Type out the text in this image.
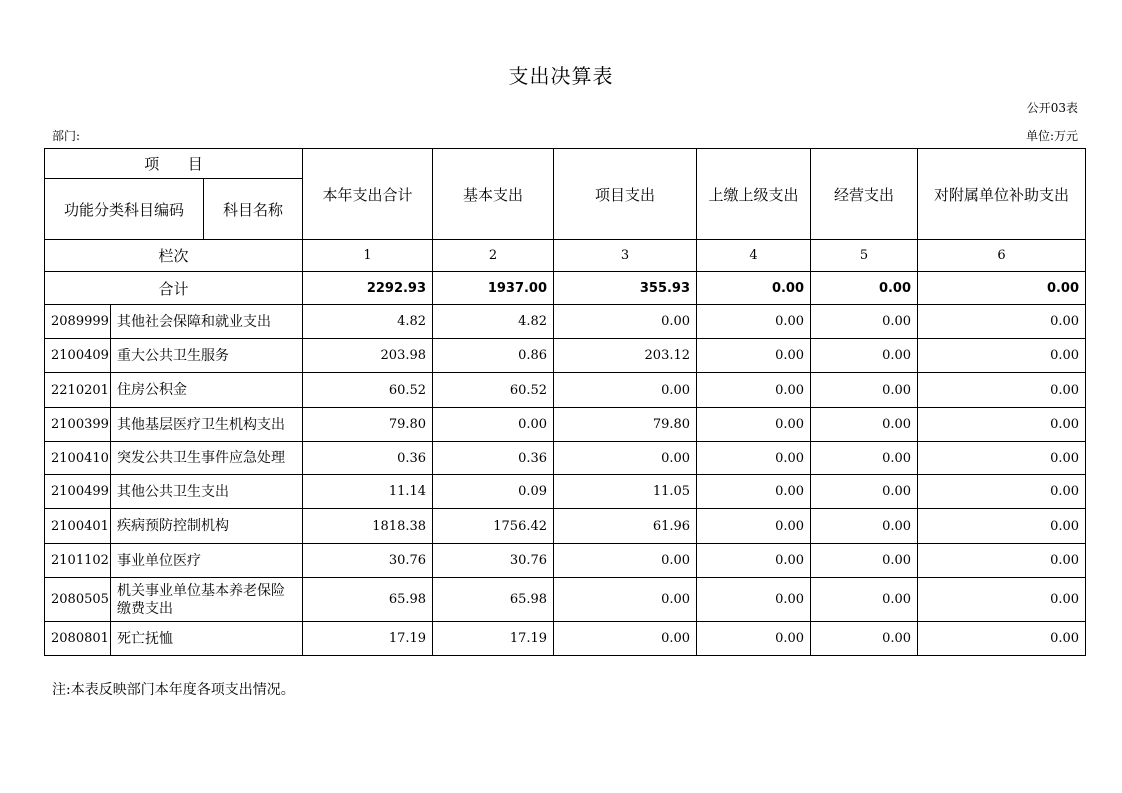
支出决算表
公开03表
部门:	单位:万元
项      目			本年支出合计	基本支出	项目支出	上缴上级支出	经营支出	对附属单位补助支出
功能分类科目编码		科目名称						
栏次			1	2	3	4	5	6
合计			2292.93	1937.00	355.93	0.00	0.00	0.00
2089999	其他社会保障和就业支出		4.82	4.82	0.00	0.00	0.00	0.00
2100409	重大公共卫生服务		203.98	0.86	203.12	0.00	0.00	0.00
2210201	住房公积金		60.52	60.52	0.00	0.00	0.00	0.00
2100399	其他基层医疗卫生机构支出		79.80	0.00	79.80	0.00	0.00	0.00
2100410	突发公共卫生事件应急处理		0.36	0.36	0.00	0.00	0.00	0.00
2100499	其他公共卫生支出		11.14	0.09	11.05	0.00	0.00	0.00
2100401	疾病预防控制机构		1818.38	1756.42	61.96	0.00	0.00	0.00
2101102	事业单位医疗		30.76	30.76	0.00	0.00	0.00	0.00
2080505	机关事业单位基本养老保险缴费支出		65.98	65.98	0.00	0.00	0.00	0.00
2080801	死亡抚恤		17.19	17.19	0.00	0.00	0.00	0.00
注:本表反映部门本年度各项支出情况。
